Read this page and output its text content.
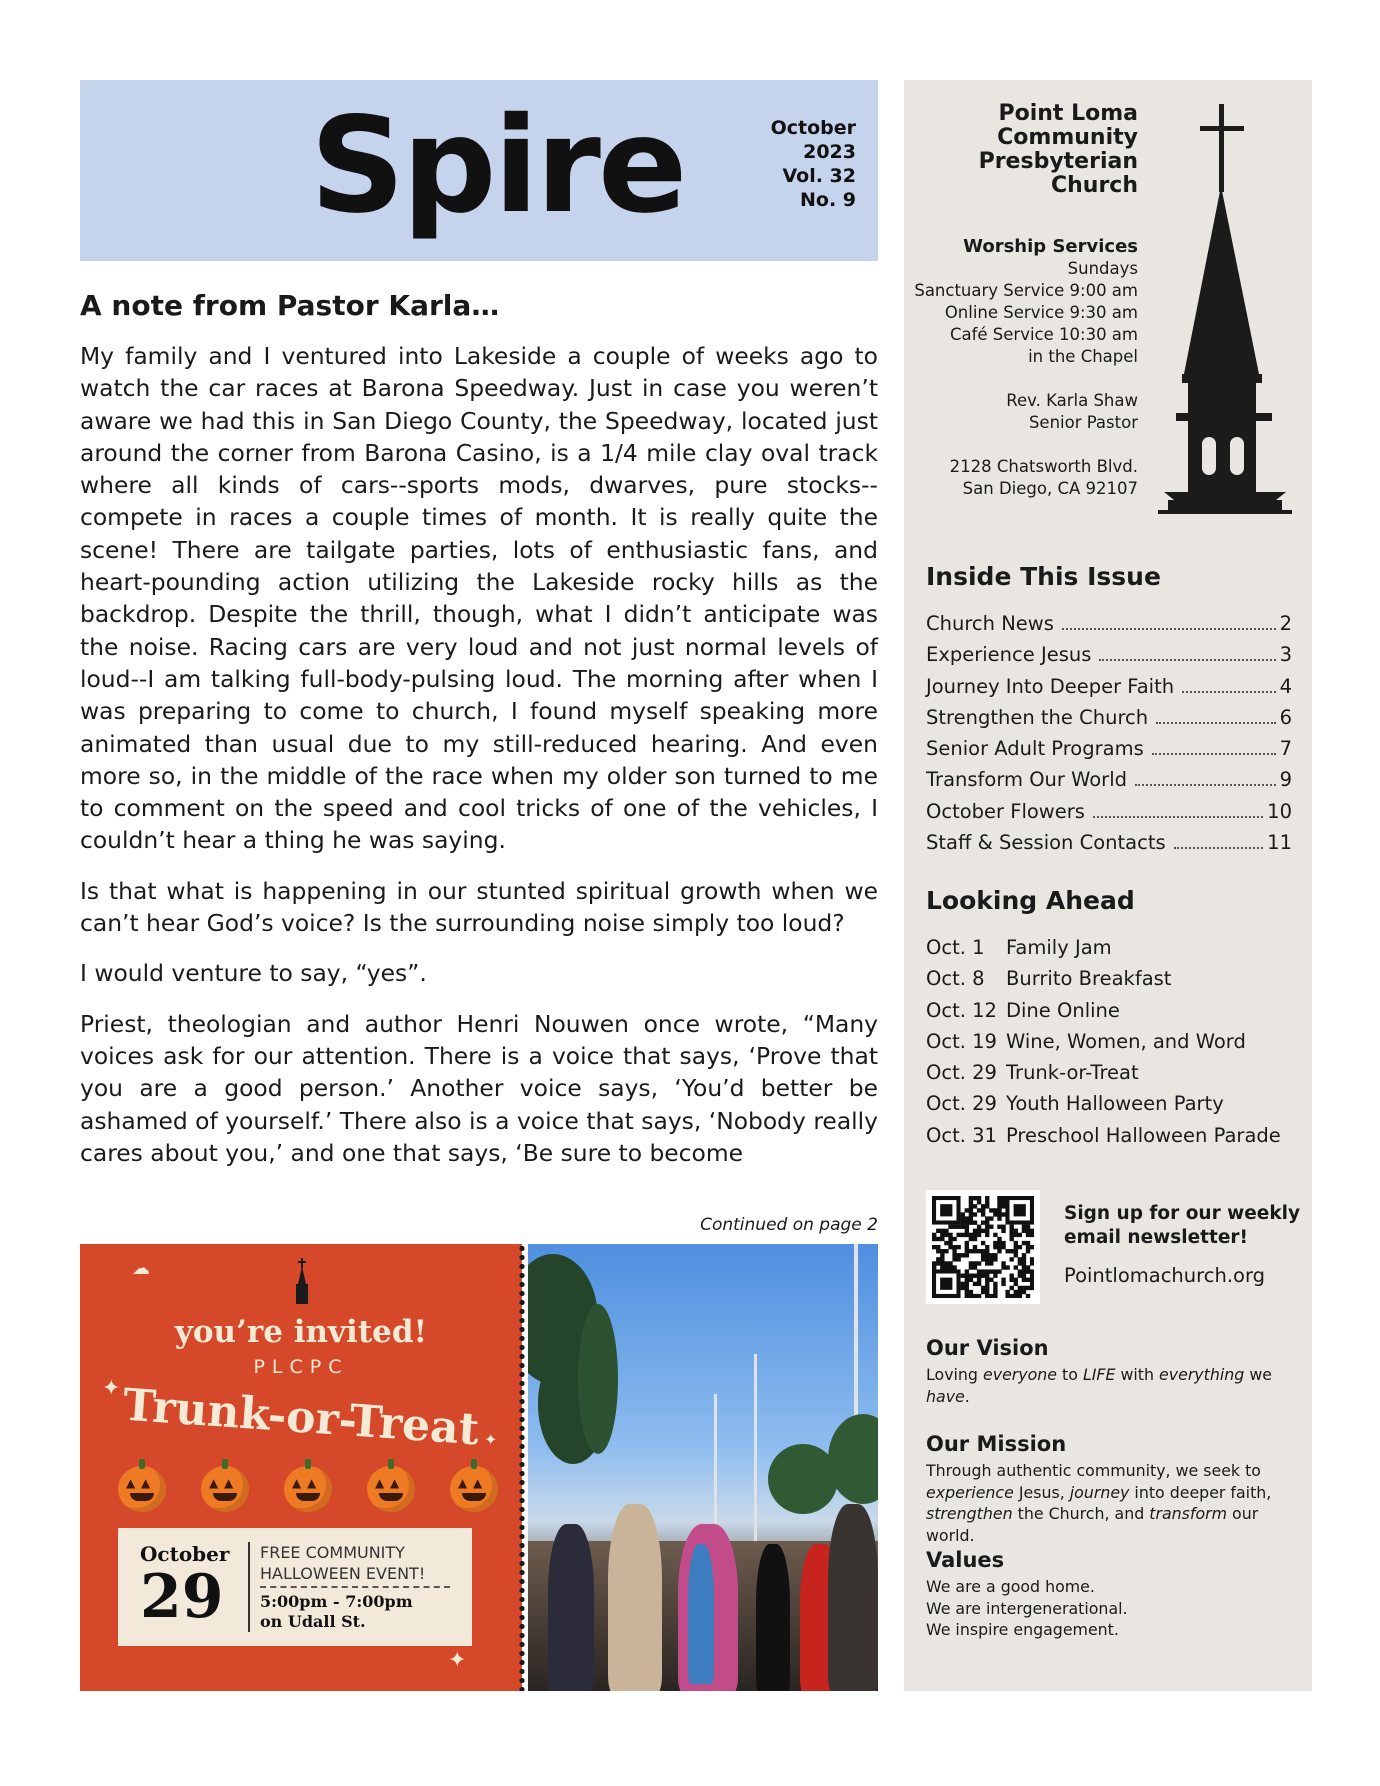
Spire	October
2023
Vol. 32
No. 9
A note from Pastor Karla…

My family and I ventured into Lakeside a couple of weeks ago to watch the car races at Barona Speedway. Just in case you weren’t aware we had this in San Diego County, the Speedway, located just around the corner from Barona Casino, is a 1/4 mile clay oval track where all kinds of cars--sports mods, dwarves, pure stocks--compete in races a couple times of month. It is really quite the scene! There are tailgate parties, lots of enthusiastic fans, and heart-pounding action utilizing the Lakeside rocky hills as the backdrop. Despite the thrill, though, what I didn’t anticipate was the noise. Racing cars are very loud and not just normal levels of loud--I am talking full-body-pulsing loud. The morning after when I was preparing to come to church, I found myself speaking more animated than usual due to my still-reduced hearing. And even more so, in the middle of the race when my older son turned to me to comment on the speed and cool tricks of one of the vehicles, I couldn’t hear a thing he was saying.

Is that what is happening in our stunted spiritual growth when we can’t hear God’s voice? Is the surrounding noise simply too loud?

I would venture to say, “yes”.

Priest, theologian and author Henri Nouwen once wrote, “Many voices ask for our attention. There is a voice that says, ‘Prove that you are a good person.’ Another voice says, ‘You’d better be ashamed of yourself.’ There also is a voice that says, ‘Nobody really cares about you,’ and one that says, ‘Be sure to become

Continued on page 2
☁
✦
✦
✦
you’re invited!
PLCPC
Trunk-or-Treat
▲ ▲
▲ ▲
▲ ▲
▲ ▲
▲ ▲
October
29
FREE COMMUNITY
HALLOWEEN EVENT!
5:00pm - 7:00pm
on Udall St.
Point Loma
Community
Presbyterian
Church
Worship Services
Sundays
Sanctuary Service 9:00 am
Online Service 9:30 am
Café Service 10:30 am
in the Chapel
Rev. Karla Shaw
Senior Pastor
2128 Chatsworth Blvd.
San Diego, CA 92107
Inside This Issue
Church News	2
Experience Jesus	3
Journey Into Deeper Faith	4
Strengthen the Church	6
Senior Adult Programs	7
Transform Our World	9
October Flowers	10
Staff & Session Contacts	11
Looking Ahead
Oct. 1	Family Jam
Oct. 8	Burrito Breakfast
Oct. 12 Dine Online
Oct. 19 Wine, Women, and Word
Oct. 29 Trunk-or-Treat
Oct. 29 Youth Halloween Party
Oct. 31 Preschool Halloween Parade
Sign up for our weekly
email newsletter!
Pointlomachurch.org
Our Vision
Loving everyone to LIFE with everything we have.
Our Mission
Through authentic community, we seek to experience Jesus, journey into deeper faith, strengthen the Church, and transform our world.
Values
We are a good home.
We are intergenerational.
We inspire engagement.
